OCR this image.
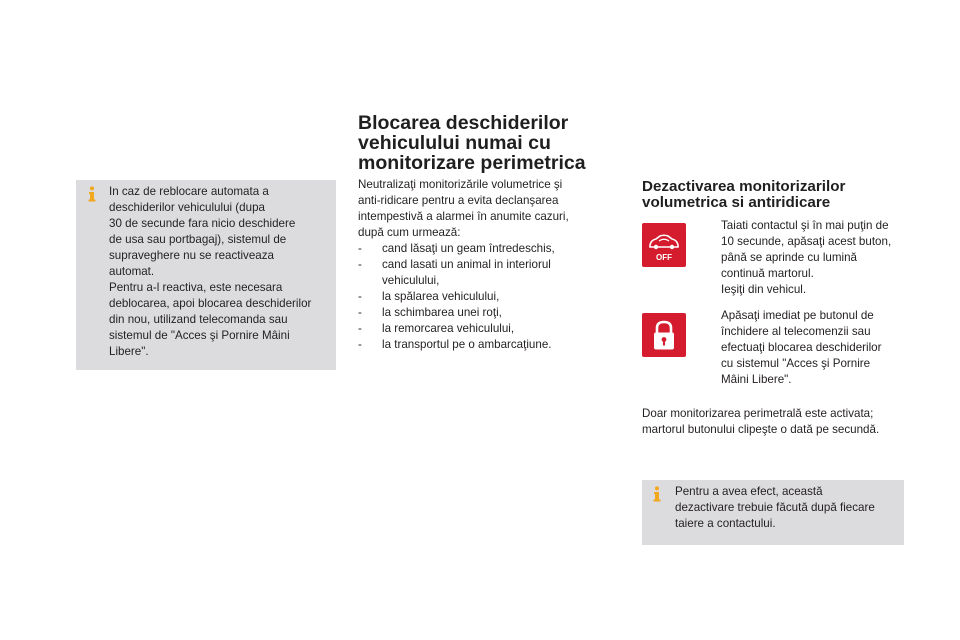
In caz de reblocare automata a
deschiderilor vehiculului (dupa
30 de secunde fara nicio deschidere
de usa sau portbagaj), sistemul de
supraveghere nu se reactiveaza
automat.
Pentru a-l reactiva, este necesara
deblocarea, apoi blocarea deschiderilor
din nou, utilizand telecomanda sau
sistemul de "Acces şi Pornire Mâini
Libere".
Blocarea deschiderilor
vehiculului numai cu
monitorizare perimetrica
Neutralizaţi monitorizările volumetrice şi
anti-ridicare pentru a evita declanşarea
intempestivă a alarmei în anumite cazuri,
după cum urmează:
- cand lăsaţi un geam întredeschis,
- cand lasati un animal in interiorul
vehiculului,
- la spălarea vehiculului,
- la schimbarea unei roţi,
- la remorcarea vehiculului,
- la transportul pe o ambarcaţiune.
Dezactivarea monitorizarilor
volumetrica si antiridicare
OFF
Taiati contactul şi în mai puţin de
10 secunde, apăsaţi acest buton,
până se aprinde cu lumină
continuă martorul.
Ieşiţi din vehicul.
Apăsaţi imediat pe butonul de
închidere al telecomenzii sau
efectuaţi blocarea deschiderilor
cu sistemul "Acces şi Pornire
Mâini Libere".
Doar monitorizarea perimetrală este activata;
martorul butonului clipeşte o dată pe secundă.
Pentru a avea efect, această
dezactivare trebuie făcută după fiecare
taiere a contactului.
